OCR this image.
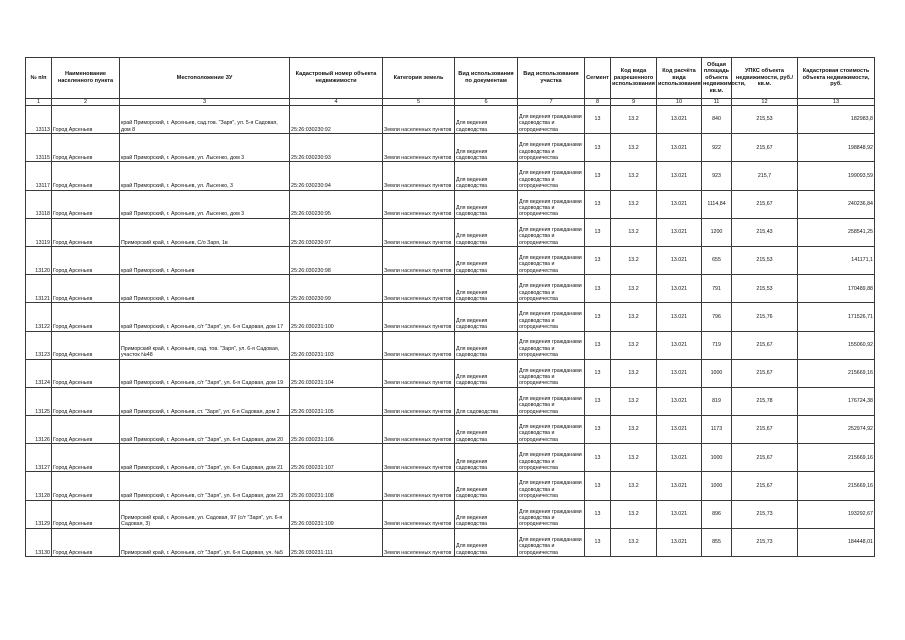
№ п/п	Наименование населенного пункта	Местоположение ЗУ	Кадастровый номер объекта недвижимости	Категория земель	Вид использования по документам	Вид использования участка	Сегмент	Код вида разрешенного использования	Код расчёта вида использования	Общая площадь объекта недвижимости, кв.м.	УПКС объекта недвижимости, руб./кв.м.	Кадастровая стоимость объекта недвижимости, руб.
1	2	3	4	5	6	7	8	9	10	11	12	13
13113	Город Арсеньев	край Приморский, г. Арсеньев, сад.тов. "Заря", ул. 5-я Садовая, дом 8	25:26:030230:92	Земли населенных пунктов	Для ведения садоводства	Для ведения гражданами садоводства и огородничества	13	13.2	13.021	840	215,53	182983,8
13115	Город Арсеньев	край Приморский, г. Арсеньев, ул. Лысенко, дом 3	25:26:030230:93	Земли населенных пунктов	Для ведения садоводства	Для ведения гражданами садоводства и огородничества	13	13.2	13.021	922	215,67	198848,92
13117	Город Арсеньев	край Приморский, г. Арсеньев, ул. Лысенко, 3	25:26:030230:94	Земли населенных пунктов	Для ведения садоводства	Для ведения гражданами садоводства и огородничества	13	13.2	13.021	923	215,7	199093,59
13118	Город Арсеньев	край Приморский, г. Арсеньев, ул. Лысенко, дом 3	25:26:030230:95	Земли населенных пунктов	Для ведения садоводства	Для ведения гражданами садоводства и огородничества	13	13.2	13.021	1114,84	215,67	240236,84
13119	Город Арсеньев	Приморский край, г. Арсеньев, С/о Заря, 1в	25:26:030230:97	Земли населенных пунктов	Для ведения садоводства	Для ведения гражданами садоводства и огородничества	13	13.2	13.021	1200	215,43	258541,25
13120	Город Арсеньев	край Приморский, г. Арсеньев	25:26:030230:98	Земли населенных пунктов	Для ведения садоводства	Для ведения гражданами садоводства и огородничества	13	13.2	13.021	655	215,53	141171,1
13121	Город Арсеньев	край Приморский, г. Арсеньев	25:26:030230:99	Земли населенных пунктов	Для ведения садоводства	Для ведения гражданами садоводства и огородничества	13	13.2	13.021	791	215,53	170489,88
13122	Город Арсеньев	край Приморский, г. Арсеньев, с/т "Заря", ул. 6-я Садовая, дом 17	25:26:030231:100	Земли населенных пунктов	Для ведения садоводства	Для ведения гражданами садоводства и огородничества	13	13.2	13.021	796	215,76	171526,71
13123	Город Арсеньев	Приморский край, г. Арсеньев, сад. тов. "Заря", ул. 6-я Садовая, участок №48	25:26:030231:103	Земли населенных пунктов	Для ведения садоводства	Для ведения гражданами садоводства и огородничества	13	13.2	13.021	719	215,67	155060,92
13124	Город Арсеньев	край Приморский, г. Арсеньев, с/т "Заря", ул. 6-я Садовая, дом 19	25:26:030231:104	Земли населенных пунктов	Для ведения садоводства	Для ведения гражданами садоводства и огородничества	13	13.2	13.021	1000	215,67	215669,16
13125	Город Арсеньев	край Приморский, г. Арсеньев, ст. "Заря", ул. 6-я Садовая, дом 2	25:26:030231:105	Земли населенных пунктов	Для садоводства	Для ведения гражданами садоводства и огородничества	13	13.2	13.021	819	215,78	176724,38
13126	Город Арсеньев	край Приморский, г. Арсеньев, с/т "Заря", ул. 6-я Садовая, дом 20	25:26:030231:106	Земли населенных пунктов	Для ведения садоводства	Для ведения гражданами садоводства и огородничества	13	13.2	13.021	1173	215,67	252974,92
13127	Город Арсеньев	край Приморский, г. Арсеньев, с/т "Заря", ул. 6-я Садовая, дом 21	25:26:030231:107	Земли населенных пунктов	Для ведения садоводства	Для ведения гражданами садоводства и огородничества	13	13.2	13.021	1000	215,67	215669,16
13128	Город Арсеньев	край Приморский, г. Арсеньев, с/т "Заря", ул. 6-я Садовая, дом 23	25:26:030231:108	Земли населенных пунктов	Для ведения садоводства	Для ведения гражданами садоводства и огородничества	13	13.2	13.021	1000	215,67	215669,16
13129	Город Арсеньев	Приморский край, г. Арсеньев, ул. Садовая, 97 (с/т "Заря", ул. 6-я Садовая, 3)	25:26:030231:109	Земли населенных пунктов	Для ведения садоводства	Для ведения гражданами садоводства и огородничества	13	13.2	13.021	896	215,73	193292,67
13130	Город Арсеньев	Приморский край, г. Арсеньев, с/т "Заря", ул. 6-я Садовая, уч. №5	25:26:030231:111	Земли населенных пунктов	Для ведения садоводства	Для ведения гражданами садоводства и огородничества	13	13.2	13.021	855	215,73	184448,01
